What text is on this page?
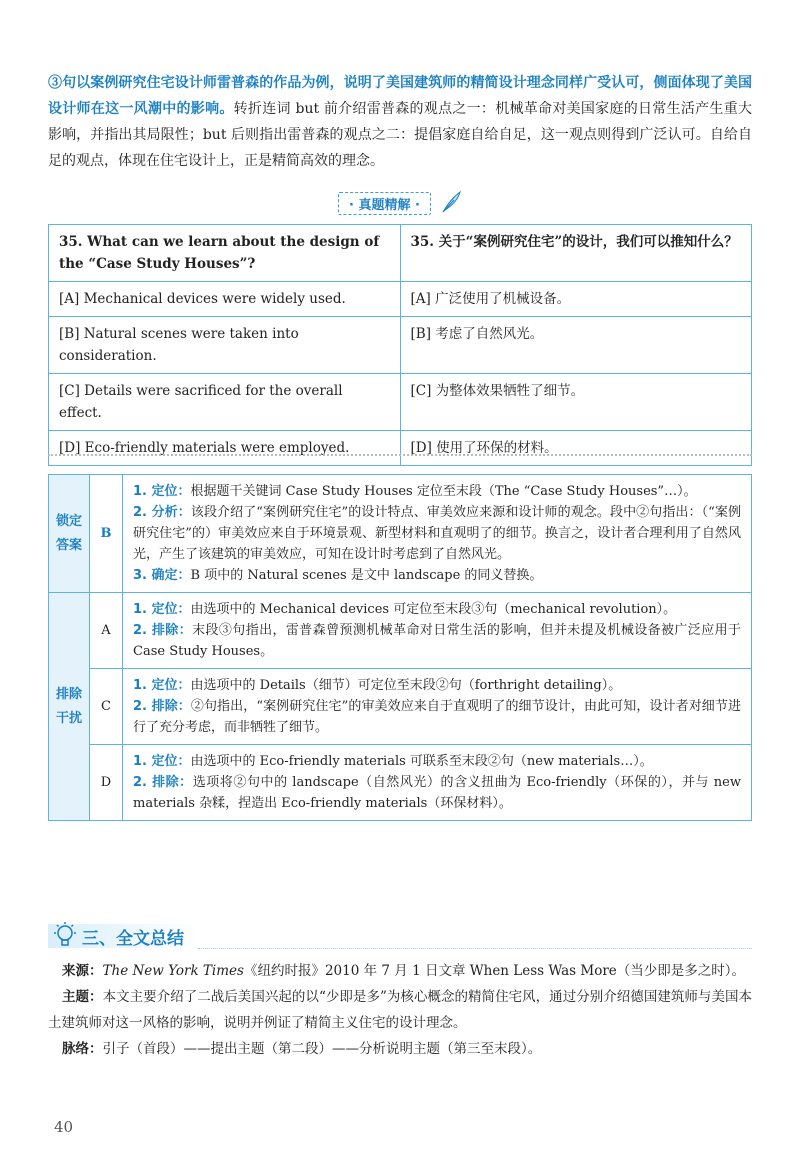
③句以案例研究住宅设计师雷普森的作品为例，说明了美国建筑师的精简设计理念同样广受认可，侧面体现了美国设计师在这一风潮中的影响。转折连词 but 前介绍雷普森的观点之一：机械革命对美国家庭的日常生活产生重大影响，并指出其局限性；but 后则指出雷普森的观点之二：提倡家庭自给自足，这一观点则得到广泛认可。自给自足的观点，体现在住宅设计上，正是精简高效的理念。
· 真题精解 ·
35. What can we learn about the design of the “Case Study Houses”?	35. 关于“案例研究住宅”的设计，我们可以推知什么？
[A] Mechanical devices were widely used.	[A] 广泛使用了机械设备。
[B] Natural scenes were taken into consideration.	[B] 考虑了自然风光。
[C] Details were sacrificed for the overall effect.	[C] 为整体效果牺牲了细节。
[D] Eco-friendly materials were employed.	[D] 使用了环保的材料。
锁定答案	B	1. 定位：根据题干关键词 Case Study Houses 定位至末段（The “Case Study Houses”…）。
2. 分析：该段介绍了“案例研究住宅”的设计特点、审美效应来源和设计师的观念。段中②句指出：（“案例研究住宅”的）审美效应来自于环境景观、新型材料和直观明了的细节。换言之，设计者合理利用了自然风光，产生了该建筑的审美效应，可知在设计时考虑到了自然风光。
3. 确定：B 项中的 Natural scenes 是文中 landscape 的同义替换。

排除干扰	A	1. 定位：由选项中的 Mechanical devices 可定位至末段③句（mechanical revolution）。
2. 排除：末段③句指出，雷普森曾预测机械革命对日常生活的影响，但并未提及机械设备被广泛应用于 Case Study Houses。

	C	1. 定位：由选项中的 Details（细节）可定位至末段②句（forthright detailing）。
2. 排除：②句指出，“案例研究住宅”的审美效应来自于直观明了的细节设计，由此可知，设计者对细节进行了充分考虑，而非牺牲了细节。

	D	1. 定位：由选项中的 Eco-friendly materials 可联系至末段②句（new materials…）。
2. 排除：选项将②句中的 landscape（自然风光）的含义扭曲为 Eco-friendly（环保的），并与 new materials 杂糅，捏造出 Eco-friendly materials（环保材料）。
三、全文总结

来源：The New York Times《纽约时报》2010 年 7 月 1 日文章 When Less Was More（当少即是多之时）。

主题：本文主要介绍了二战后美国兴起的以“少即是多”为核心概念的精简住宅风，通过分别介绍德国建筑师与美国本土建筑师对这一风格的影响，说明并例证了精简主义住宅的设计理念。

脉络：引子（首段）——提出主题（第二段）——分析说明主题（第三至末段）。

40
